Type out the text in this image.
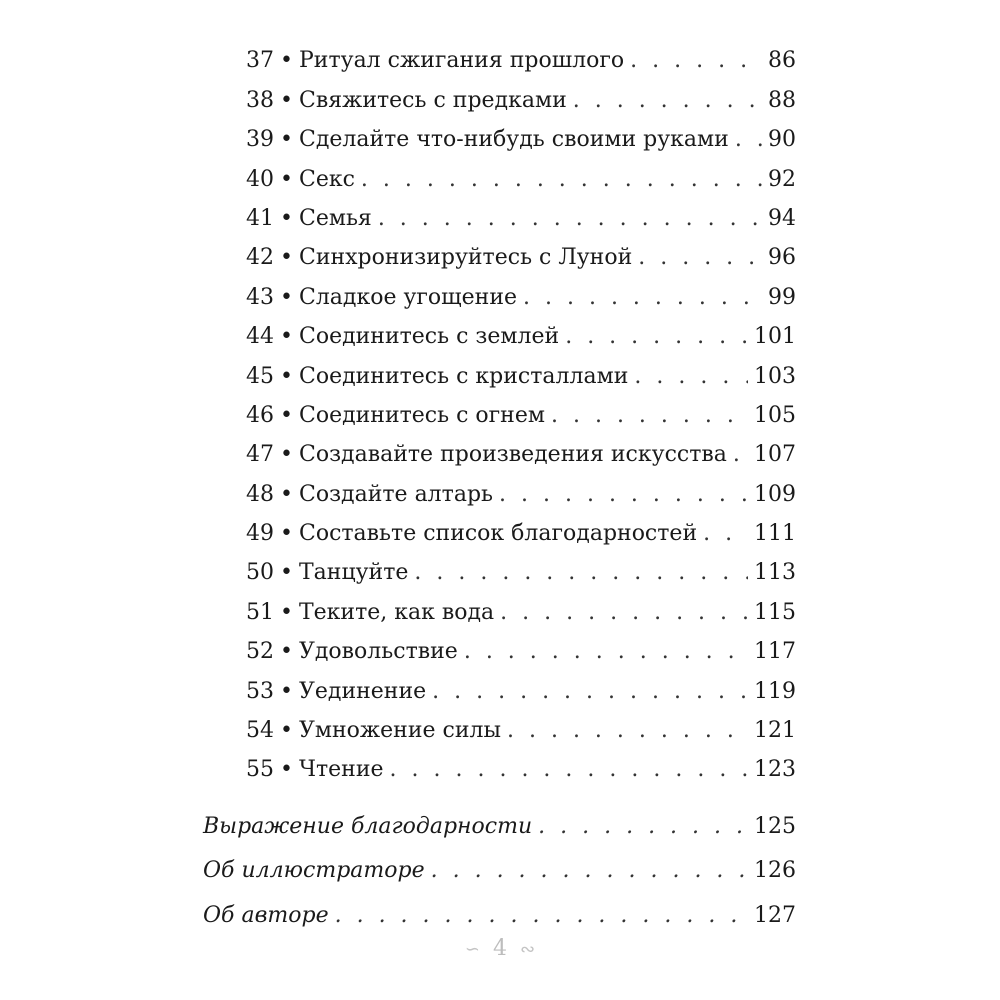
37 • Ритуал сжигания прошлого . . .	86
38 • Свяжитесь с предками . . .	88
39 • Сделайте что-нибудь своими руками . . . 90
40 • Секс . . .	92
41 • Семья . . .	94
42 • Синхронизируйтесь с Луной . . .	96
43 • Сладкое угощение . . .	99
44 • Соединитесь с землей . . .	101
45 • Соединитесь с кристаллами . . .	103
46 • Соединитесь с огнем . . .	105
47 • Создавайте произведения искусства . . . 107
48 • Создайте алтарь . . .	109
49 • Составьте список благодарностей . . .	111
50 • Танцуйте . . .	113
51 • Теките, как вода . . .	115
52 • Удовольствие . . .	117
53 • Уединение . . .	119
54 • Умножение силы . . .	121
55 • Чтение . . .	123
Выражение благодарности . . .	125
Об иллюстраторе . . .	126
Об авторе . . .	127
∽ 4 ∾
